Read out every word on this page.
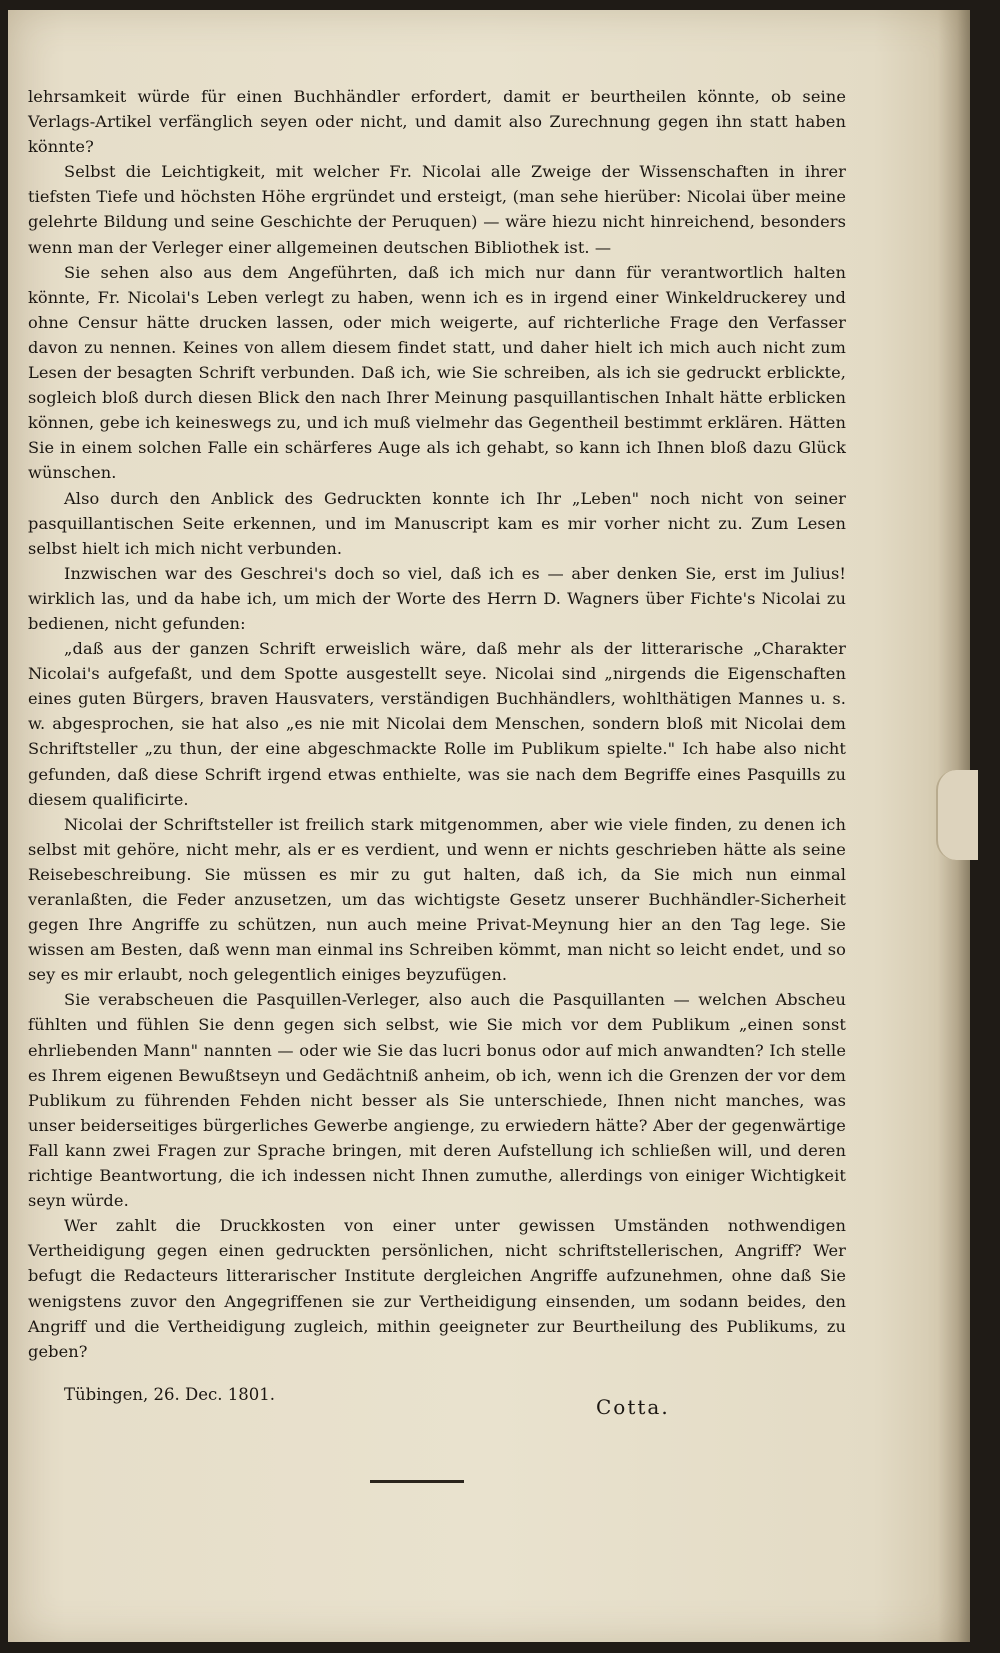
lehrsamkeit würde für einen Buchhändler erfordert, damit er beurtheilen könnte, ob seine Verlags-Artikel verfänglich seyen oder nicht, und damit also Zurechnung gegen ihn statt haben könnte?

Selbst die Leichtigkeit, mit welcher Fr. Nicolai alle Zweige der Wissenschaften in ihrer tiefsten Tiefe und höchsten Höhe ergründet und ersteigt, (man sehe hierüber: Nicolai über meine gelehrte Bildung und seine Geschichte der Peruquen) — wäre hiezu nicht hinreichend, besonders wenn man der Verleger einer allgemeinen deutschen Bibliothek ist. —

Sie sehen also aus dem Angeführten, daß ich mich nur dann für verantwortlich halten könnte, Fr. Nicolai's Leben verlegt zu haben, wenn ich es in irgend einer Winkeldruckerey und ohne Censur hätte drucken lassen, oder mich weigerte, auf richterliche Frage den Verfasser davon zu nennen. Keines von allem diesem findet statt, und daher hielt ich mich auch nicht zum Lesen der besagten Schrift verbunden. Daß ich, wie Sie schreiben, als ich sie gedruckt erblickte, sogleich bloß durch diesen Blick den nach Ihrer Meinung pasquillantischen Inhalt hätte erblicken können, gebe ich keineswegs zu, und ich muß vielmehr das Gegentheil bestimmt erklären. Hätten Sie in einem solchen Falle ein schärferes Auge als ich gehabt, so kann ich Ihnen bloß dazu Glück wünschen.

Also durch den Anblick des Gedruckten konnte ich Ihr „Leben" noch nicht von seiner pasquillantischen Seite erkennen, und im Manuscript kam es mir vorher nicht zu. Zum Lesen selbst hielt ich mich nicht verbunden.

Inzwischen war des Geschrei's doch so viel, daß ich es — aber denken Sie, erst im Julius! wirklich las, und da habe ich, um mich der Worte des Herrn D. Wagners über Fichte's Nicolai zu bedienen, nicht gefunden:

„daß aus der ganzen Schrift erweislich wäre, daß mehr als der litterarische „Charakter Nicolai's aufgefaßt, und dem Spotte ausgestellt seye. Nicolai sind „nirgends die Eigenschaften eines guten Bürgers, braven Hausvaters, verständigen Buchhändlers, wohlthätigen Mannes u. s. w. abgesprochen, sie hat also „es nie mit Nicolai dem Menschen, sondern bloß mit Nicolai dem Schriftsteller „zu thun, der eine abgeschmackte Rolle im Publikum spielte." Ich habe also nicht gefunden, daß diese Schrift irgend etwas enthielte, was sie nach dem Begriffe eines Pasquills zu diesem qualificirte.

Nicolai der Schriftsteller ist freilich stark mitgenommen, aber wie viele finden, zu denen ich selbst mit gehöre, nicht mehr, als er es verdient, und wenn er nichts geschrieben hätte als seine Reisebeschreibung. Sie müssen es mir zu gut halten, daß ich, da Sie mich nun einmal veranlaßten, die Feder anzusetzen, um das wichtigste Gesetz unserer Buchhändler-Sicherheit gegen Ihre Angriffe zu schützen, nun auch meine Privat-Meynung hier an den Tag lege. Sie wissen am Besten, daß wenn man einmal ins Schreiben kömmt, man nicht so leicht endet, und so sey es mir erlaubt, noch gelegentlich einiges beyzufügen.

Sie verabscheuen die Pasquillen-Verleger, also auch die Pasquillanten — welchen Abscheu fühlten und fühlen Sie denn gegen sich selbst, wie Sie mich vor dem Publikum „einen sonst ehrliebenden Mann" nannten — oder wie Sie das lucri bonus odor auf mich anwandten? Ich stelle es Ihrem eigenen Bewußtseyn und Gedächtniß anheim, ob ich, wenn ich die Grenzen der vor dem Publikum zu führenden Fehden nicht besser als Sie unterschiede, Ihnen nicht manches, was unser beiderseitiges bürgerliches Gewerbe angienge, zu erwiedern hätte? Aber der gegenwärtige Fall kann zwei Fragen zur Sprache bringen, mit deren Aufstellung ich schließen will, und deren richtige Beantwortung, die ich indessen nicht Ihnen zumuthe, allerdings von einiger Wichtigkeit seyn würde.

Wer zahlt die Druckkosten von einer unter gewissen Umständen nothwendigen Vertheidigung gegen einen gedruckten persönlichen, nicht schriftstellerischen, Angriff? Wer befugt die Redacteurs litterarischer Institute dergleichen Angriffe aufzunehmen, ohne daß Sie wenigstens zuvor den Angegriffenen sie zur Vertheidigung einsenden, um sodann beides, den Angriff und die Vertheidigung zugleich, mithin geeigneter zur Beurtheilung des Publikums, zu geben?

Tübingen, 26. Dec. 1801.
Cotta.
